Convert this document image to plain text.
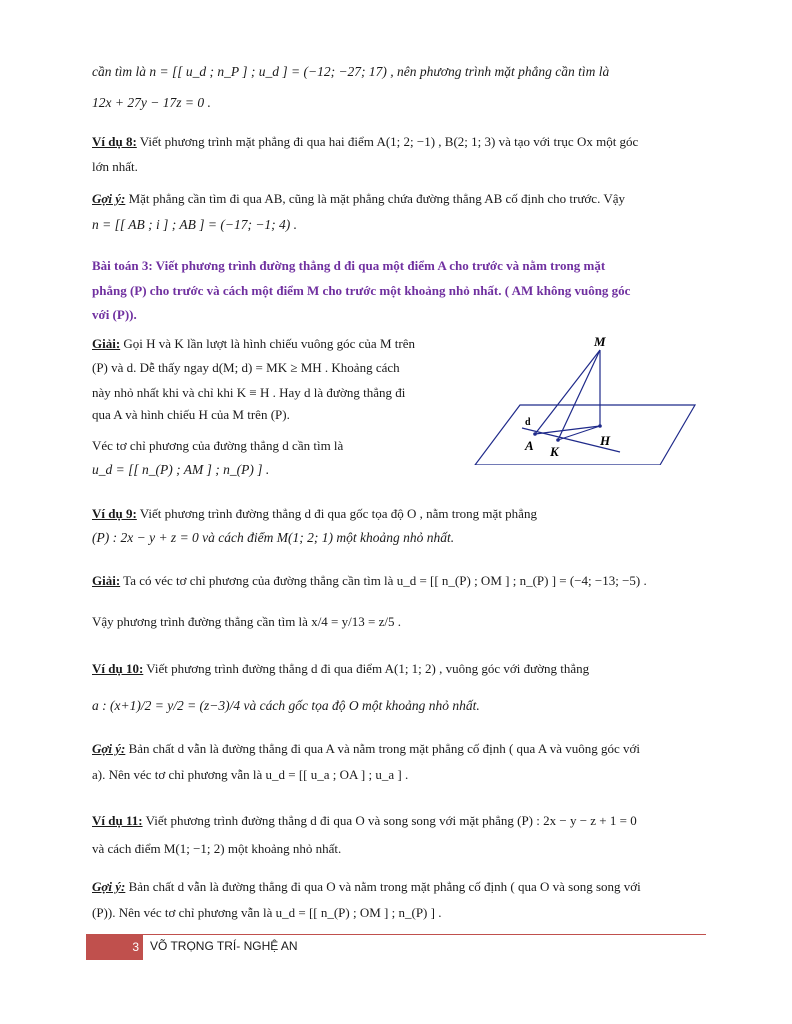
cần tìm là n = [[ u_d ; n_P ] ; u_d ] = (−12; −27; 17) , nên phương trình mặt phẳng cần tìm là
12x + 27y − 17z = 0 .
Ví dụ 8: Viết phương trình mặt phẳng đi qua hai điểm A(1; 2; −1) , B(2; 1; 3) và tạo với trục Ox một góc
lớn nhất.
Gợi ý: Mặt phẳng cần tìm đi qua AB, cũng là mặt phẳng chứa đường thẳng AB cố định cho trước. Vậy
n = [[ AB ; i ] ; AB ] = (−17; −1; 4) .
Bài toán 3: Viết phương trình đường thẳng d đi qua một điểm A cho trước và nằm trong mặt
phẳng (P) cho trước và cách một điểm M cho trước một khoảng nhỏ nhất. ( AM không vuông góc
với (P)).
Giải: Gọi H và K lần lượt là hình chiếu vuông góc của M trên
(P) và d. Dễ thấy ngay d(M; d) = MK ≥ MH . Khoảng cách
này nhỏ nhất khi và chỉ khi K ≡ H . Hay d là đường thẳng đi
qua A và hình chiếu H của M trên (P).
Véc tơ chỉ phương của đường thẳng d cần tìm là
u_d = [[ n_(P) ; AM ] ; n_(P) ] .
M
d
A K
H
Ví dụ 9: Viết phương trình đường thẳng d đi qua gốc tọa độ O , nằm trong mặt phẳng
(P) : 2x − y + z = 0 và cách điểm M(1; 2; 1) một khoảng nhỏ nhất.
Giải: Ta có véc tơ chỉ phương của đường thẳng cần tìm là u_d = [[ n_(P) ; OM ] ; n_(P) ] = (−4; −13; −5) .
Vậy phương trình đường thẳng cần tìm là x/4 = y/13 = z/5 .
Ví dụ 10: Viết phương trình đường thẳng d đi qua điểm A(1; 1; 2) , vuông góc với đường thẳng
a : (x+1)/2 = y/2 = (z−3)/4 và cách gốc tọa độ O một khoảng nhỏ nhất.
Gợi ý: Bản chất d vẫn là đường thẳng đi qua A và nằm trong mặt phẳng cố định ( qua A và vuông góc với
a). Nên véc tơ chỉ phương vẫn là u_d = [[ u_a ; OA ] ; u_a ] .
Ví dụ 11: Viết phương trình đường thẳng d đi qua O và song song với mặt phẳng (P) : 2x − y − z + 1 = 0
và cách điểm M(1; −1; 2) một khoảng nhỏ nhất.
Gợi ý: Bản chất d vẫn là đường thẳng đi qua O và nằm trong mặt phẳng cố định ( qua O và song song với
(P)). Nên véc tơ chỉ phương vẫn là u_d = [[ n_(P) ; OM ] ; n_(P) ] .
3 VÕ TRỌNG TRÍ- NGHỆ AN
